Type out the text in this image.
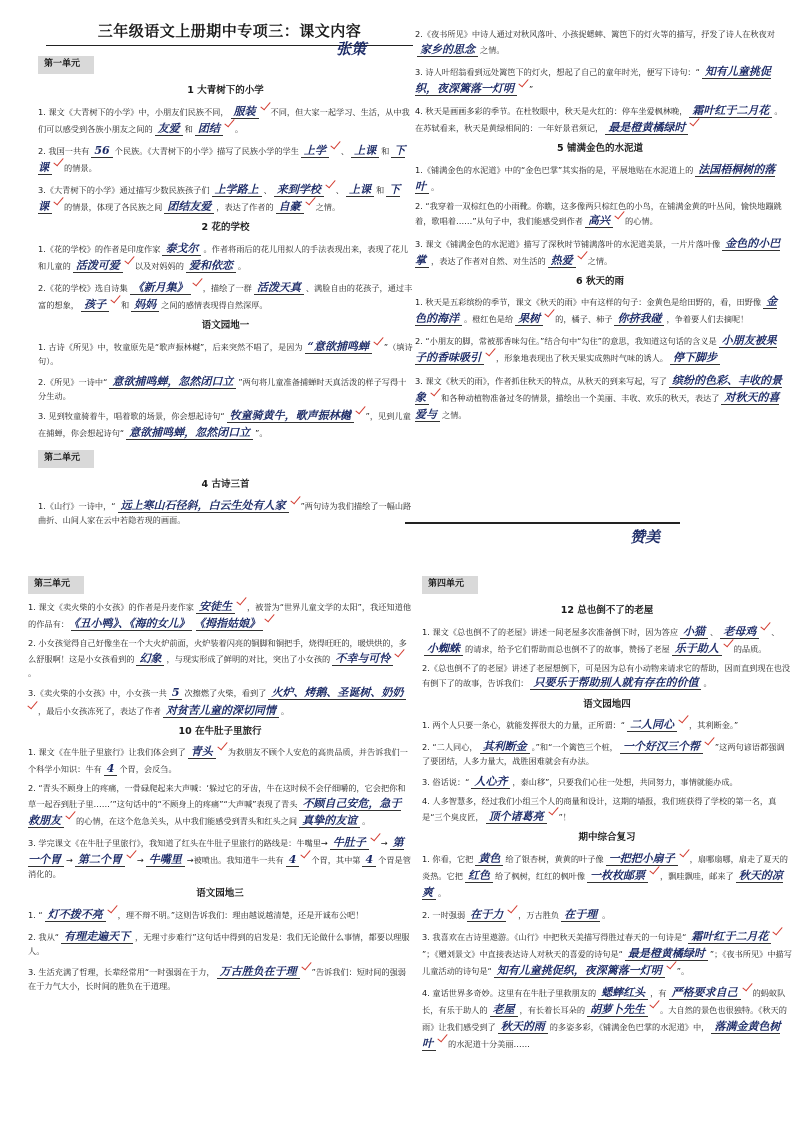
三年级语文上册期中专项三：课文内容
张策
第一单元
1 大青树下的小学
1. 课文《大青树下的小学》中，小朋友们民族不同， 服装 不同，但大家一起学习、生活，从中我们可以感受到各族小朋友之间的 友爱 和 团结 。
2. 我国一共有 56 个民族。《大青树下的小学》描写了民族小学的学生 上学 、 上课 和 下课 的情景。
3.《大青树下的小学》通过描写少数民族孩子们 上学路上 、 来到学校 、 上课 和 下课 的情景，体现了各民族之间 团结友爱 ，表达了作者的 自豪 之情。
2 花的学校
1.《花的学校》的作者是印度作家 泰戈尔 。作者将雨后的花儿用拟人的手法表现出来，表现了花儿和儿童的 活泼可爱 以及对妈妈的 爱和依恋 。
2.《花的学校》选自诗集 《新月集》 ，描绘了一群 活泼天真 、满脸自由的花孩子，通过丰富的想象， 孩子 和 妈妈 之间的感情表现得自然深厚。
语文园地一
1. 古诗《所见》中，牧童原先是“歌声振林樾”，后来突然不唱了，是因为 “意欲捕鸣蝉 ”（填诗句）。
2.《所见》一诗中“ 意欲捕鸣蝉，忽然闭口立 ”两句将儿童准备捕蝉时天真活泼的样子写得十分生动。
3. 见到牧童骑着牛，唱着歌的场景，你会想起诗句“ 牧童骑黄牛，歌声振林樾 ”，见到儿童在捕蝉，你会想起诗句“ 意欲捕鸣蝉，忽然闭口立 ”。
第二单元
4 古诗三首
1.《山行》一诗中，“ 远上寒山石径斜，白云生处有人家 ”两句诗为我们描绘了一幅山路曲折、山间人家在云中若隐若现的画面。
2.《夜书所见》中诗人通过对秋风落叶、小孩捉蟋蟀、篱笆下的灯火等的描写，抒发了诗人在秋夜对家乡的思念 之情。
3. 诗人叶绍翁看到远处篱笆下的灯火，想起了自己的童年时光，便写下诗句：“ 知有儿童挑促织，夜深篱落一灯明 ”
4. 秋天是画画多彩的季节。在杜牧眼中，秋天是火红的：停车坐爱枫林晚， 霜叶红于二月花 。在苏轼看来，秋天是黄绿相间的：一年好景君须记， 最是橙黄橘绿时
5 铺满金色的水泥道
1.《铺满金色的水泥道》中的“金色巴掌”其实指的是，平展地贴在水泥道上的 法国梧桐树的落叶 。
2. “我穿着一双棕红色的小雨靴。你瞧，这多像两只棕红色的小鸟，在铺满金黄的叶丛间，愉快地蹦跳着，歌唱着……”从句子中，我们能感受到作者 高兴 的心情。
3. 课文《铺满金色的水泥道》描写了深秋时节铺满落叶的水泥道美景，一片片落叶像 金色的小巴掌 ，表达了作者对自然、对生活的 热爱 之情。
6 秋天的雨
1. 秋天是五彩缤纷的季节，课文《秋天的雨》中有这样的句子：金黄色是给田野的，看，田野像 金色的海洋 。橙红色是给 果树 的，橘子、柿子 你挤我碰 ，争着要人们去摘呢！
2. “小朋友的脚，常被那香味勾住。”结合句中“勾住”的意思，我知道这句话的含义是 小朋友被果子的香味吸引 ，形象地表现出了秋天果实成熟时气味的诱人。 停下脚步
3. 课文《秋天的雨》，作者抓住秋天的特点，从秋天的到来写起，写了 缤纷的色彩、丰收的景象 和各种动植物准备过冬的情景，描绘出一个美丽、丰收、欢乐的秋天，表达了 对秋天的喜爱与 之情。
赞美
第三单元
1. 课文《卖火柴的小女孩》的作者是丹麦作家 安徒生 ，被誉为“世界儿童文学的太阳”，我还知道他的作品有： 《丑小鸭》、《海的女儿》 《拇指姑娘》
2. 小女孩觉得自己好像坐在一个大火炉前面，火炉装着闪亮的铜脚和铜把手，烧得旺旺的，暖烘烘的，多么舒服啊！这是小女孩看到的 幻象 ，与现实形成了鲜明的对比，突出了小女孩的 不幸与可怜
。
3.《卖火柴的小女孩》中，小女孩一共 5 次擦燃了火柴，看到了 火炉、烤鹅、圣诞树、奶奶
，最后小女孩冻死了，表达了作者 对贫苦儿童的深切同情 。
10 在牛肚子里旅行
1. 课文《在牛肚子里旅行》让我们体会到了 青头 为救朋友不顾个人安危的高贵品质，并告诉我们一个科学小知识：牛有 4 个胃，会反刍。
2. “青头不顾身上的疼痛，一骨碌爬起来大声喊：‘躲过它的牙齿，牛在这时候不会仔细嚼的，它会把你和草一起吞到肚子里……’”这句话中的“不顾身上的疼痛”“大声喊”表现了青头 不顾自己安危，急于救朋友 的心情，在这个危急关头，从中我们能感受到青头和红头之间 真挚的友谊 。
3. 学完课文《在牛肚子里旅行》，我知道了红头在牛肚子里旅行的路线是：牛嘴里→ 牛肚子 → 第一个胃 → 第二个胃 → 牛嘴里 →被喷出。我知道牛一共有 4 个胃，其中第 4 个胃是管消化的。
语文园地三
1. “ 灯不拨不亮 ，理不辩不明。”这则告诉我们：理由越说越清楚，还是开诚布公吧！
2. 我从“ 有理走遍天下 ，无理寸步难行”这句话中得到的启发是：我们无论做什么事情，都要以理服人。
3. 生活充满了哲理，长辈经常用“一时强弱在于力， 万古胜负在于理 ”告诉我们：短时间的强弱在于力气大小，长时间的胜负在于道理。
第四单元
12 总也倒不了的老屋
1. 课文《总也倒不了的老屋》讲述一间老屋多次准备倒下时，因为答应 小猫 、 老母鸡 、小蜘蛛 的请求，给予它们帮助而总也倒不了的故事，赞扬了老屋 乐于助人 的品质。
2.《总也倒不了的老屋》讲述了老屋想倒下，可是因为总有小动物来请求它的帮助，因而直到现在也没有倒下了的故事，告诉我们： 只要乐于帮助别人就有存在的价值 。
语文园地四
1. 两个人只要一条心，就能发挥很大的力量，正所谓：“ 二人同心 ，其利断金。”
2. “二人同心， 其利断金 。”和“一个篱笆三个桩， 一个好汉三个帮 ”这两句谚语都强调了要团结，人多力量大，战胜困难就会有办法。
3. 俗话说：“ 人心齐 ，泰山移”，只要我们心往一处想，共同努力，事情就能办成。
4. 人多智慧多，经过我们小组三个人的商量和设计，这期的墙报，我们班获得了学校的第一名，真是“三个臭皮匠， 顶个诸葛亮 ”！
期中综合复习
1. 你看，它把 黄色 给了银杏树，黄黄的叶子像 一把把小扇子 ，扇哪扇哪，扇走了夏天的炎热。它把 红色 给了枫树，红红的枫叶像 一枚枚邮票 ，飘哇飘哇，邮来了 秋天的凉爽 。
2. 一时强弱 在于力 ，万古胜负 在于理 。
3. 我喜欢在古诗里遨游。《山行》中把秋天美描写得胜过春天的一句诗是“ 霜叶红于二月花
”；《赠刘景文》中直接表达诗人对秋天的喜爱的诗句是“ 最是橙黄橘绿时 ”；《夜书所见》中描写儿童活动的诗句是“ 知有儿童挑促织，夜深篱落一灯明 ”。
4. 童话世界多奇妙。这里有在牛肚子里救朋友的 蟋蟀红头 ，有 严格要求自己 的蚂蚁队长，有乐于助人的 老屋 ，有长着长耳朵的 胡萝卜先生 。大自然的景色也很独特。《秋天的雨》让我们感受到了 秋天的雨 的多姿多彩，《铺满金色巴掌的水泥道》中， 落满金黄色树叶 的水泥道十分美丽……
